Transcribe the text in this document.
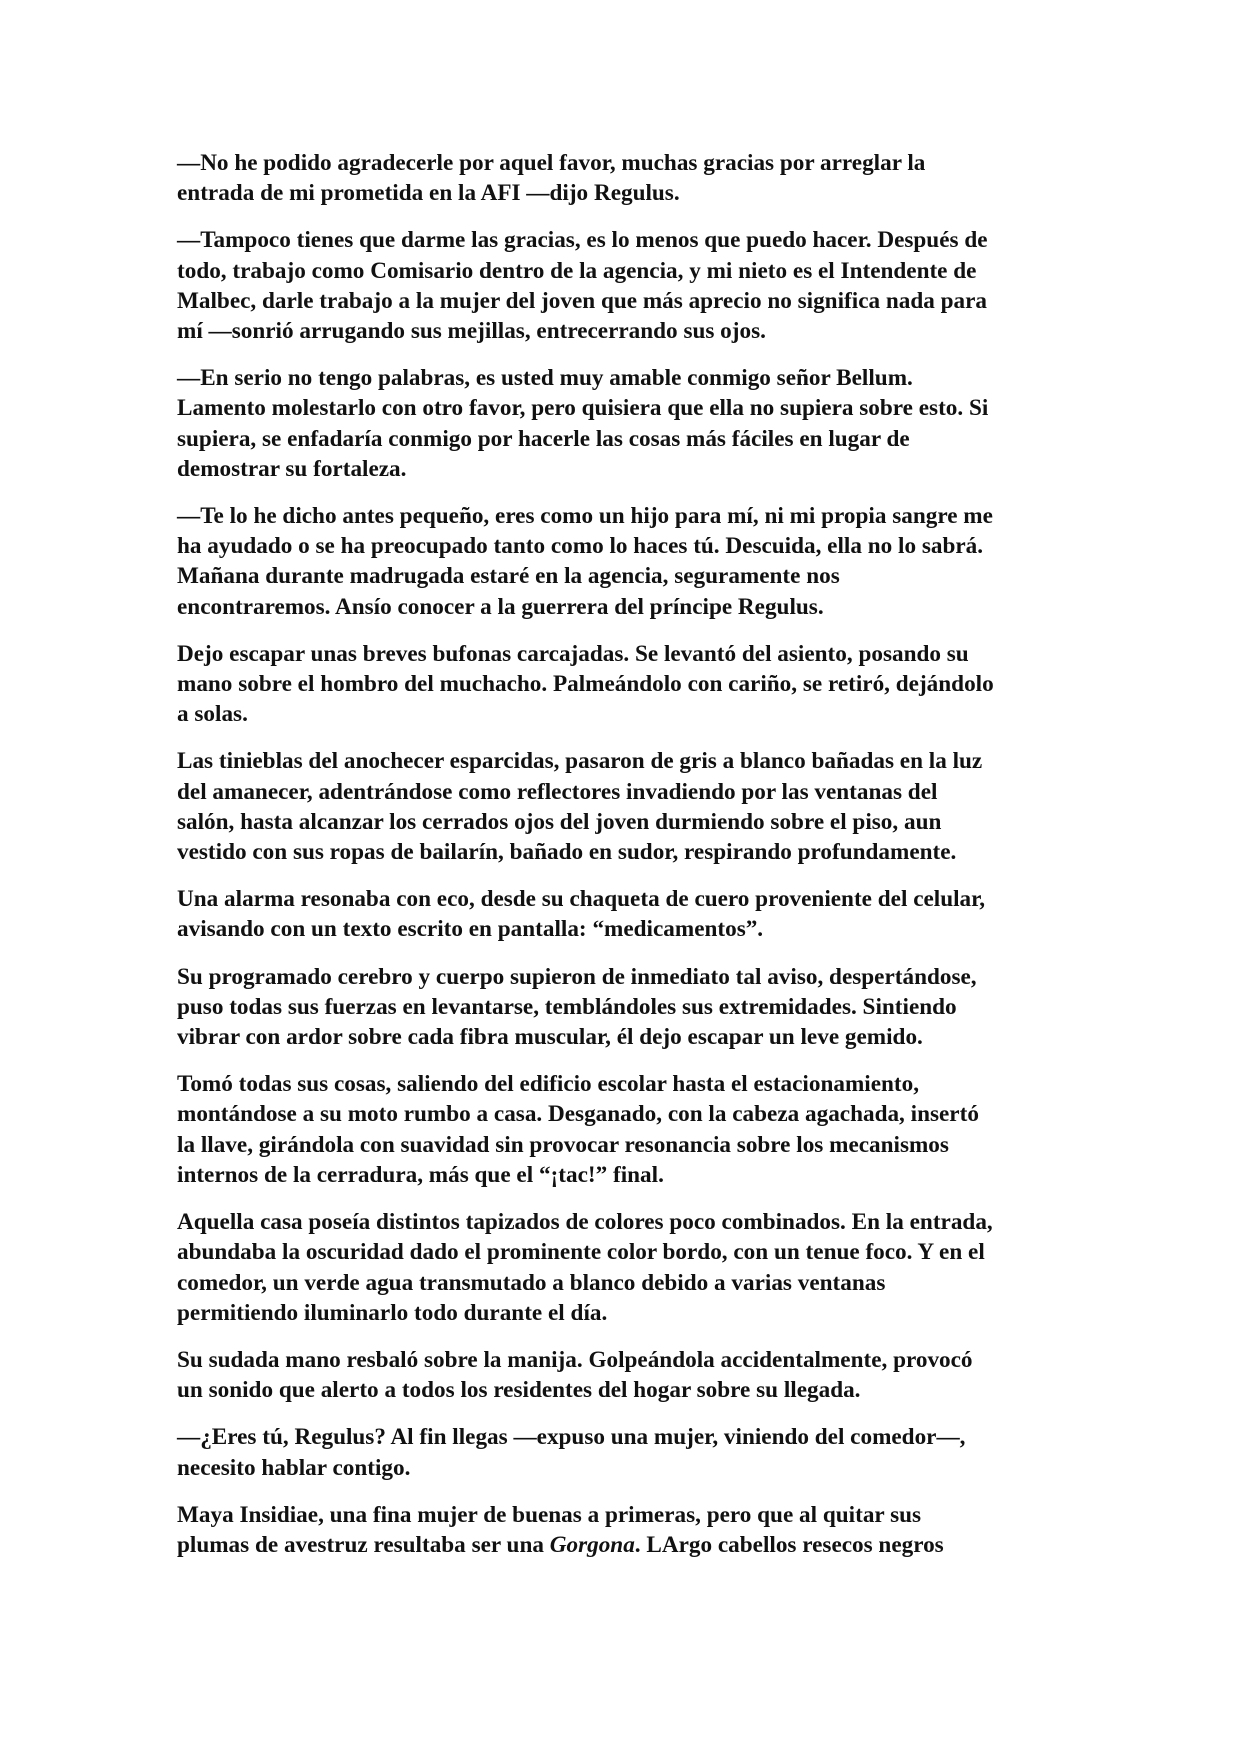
—No he podido agradecerle por aquel favor, muchas gracias por arreglar la
entrada de mi prometida en la AFI —dijo Regulus.

—Tampoco tienes que darme las gracias, es lo menos que puedo hacer. Después de
todo, trabajo como Comisario dentro de la agencia, y mi nieto es el Intendente de
Malbec, darle trabajo a la mujer del joven que más aprecio no significa nada para
mí —sonrió arrugando sus mejillas, entrecerrando sus ojos.

—En serio no tengo palabras, es usted muy amable conmigo señor Bellum.
Lamento molestarlo con otro favor, pero quisiera que ella no supiera sobre esto. Si
supiera, se enfadaría conmigo por hacerle las cosas más fáciles en lugar de
demostrar su fortaleza.

—Te lo he dicho antes pequeño, eres como un hijo para mí, ni mi propia sangre me
ha ayudado o se ha preocupado tanto como lo haces tú. Descuida, ella no lo sabrá.
Mañana durante madrugada estaré en la agencia, seguramente nos
encontraremos. Ansío conocer a la guerrera del príncipe Regulus.

Dejo escapar unas breves bufonas carcajadas. Se levantó del asiento, posando su
mano sobre el hombro del muchacho. Palmeándolo con cariño, se retiró, dejándolo
a solas.

Las tinieblas del anochecer esparcidas, pasaron de gris a blanco bañadas en la luz
del amanecer, adentrándose como reflectores invadiendo por las ventanas del
salón, hasta alcanzar los cerrados ojos del joven durmiendo sobre el piso, aun
vestido con sus ropas de bailarín, bañado en sudor, respirando profundamente.

Una alarma resonaba con eco, desde su chaqueta de cuero proveniente del celular,
avisando con un texto escrito en pantalla: “medicamentos”.

Su programado cerebro y cuerpo supieron de inmediato tal aviso, despertándose,
puso todas sus fuerzas en levantarse, temblándoles sus extremidades. Sintiendo
vibrar con ardor sobre cada fibra muscular, él dejo escapar un leve gemido.

Tomó todas sus cosas, saliendo del edificio escolar hasta el estacionamiento,
montándose a su moto rumbo a casa. Desganado, con la cabeza agachada, insertó
la llave, girándola con suavidad sin provocar resonancia sobre los mecanismos
internos de la cerradura, más que el “¡tac!” final.

Aquella casa poseía distintos tapizados de colores poco combinados. En la entrada,
abundaba la oscuridad dado el prominente color bordo, con un tenue foco. Y en el
comedor, un verde agua transmutado a blanco debido a varias ventanas
permitiendo iluminarlo todo durante el día.

Su sudada mano resbaló sobre la manija. Golpeándola accidentalmente, provocó
un sonido que alerto a todos los residentes del hogar sobre su llegada.

—¿Eres tú, Regulus? Al fin llegas —expuso una mujer, viniendo del comedor—,
necesito hablar contigo.

Maya Insidiae, una fina mujer de buenas a primeras, pero que al quitar sus
plumas de avestruz resultaba ser una Gorgona. LArgo cabellos resecos negros
